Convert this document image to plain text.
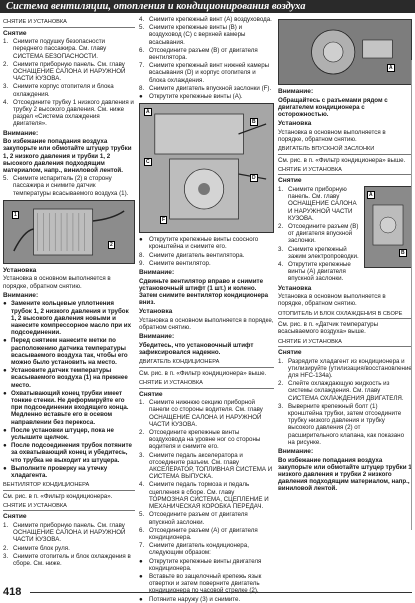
Система вентиляции, отопления и кондиционирования воздуха
СНЯТИЕ И УСТАНОВКА
Снятие
1. Снимите подушку безопасности переднего пассажира. См. главу СИСТЕМА БЕЗОПАСНОСТИ.
2. Снимите приборную панель. См. главу ОСНАЩЕНИЕ САЛОНА И НАРУЖНОЙ ЧАСТИ КУЗОВА.
3. Снимите корпус отопителя и блока охлаждения.
4. Отсоедините трубку 1 низкого давления и трубку 2 высокого давления. См. ниже раздел «Система охлаждения двигателя».
Внимание:
Во избежание попадания воздуха закупорьте или обмотайте штуцер трубки 1, 2 низкого давления и трубки 1, 2 высокого давления подходящим материалом, напр., виниловой лентой.
5. Снимите испаритель (2) в сторону пассажира и снимите датчик температуры всасываемого воздуха (1).
1
2
Установка
Установка в основном выполняется в порядке, обратном снятию.
Внимание:
● Замените кольцевые уплотнения трубок 1, 2 низкого давления и трубок 1, 2 высокого давления новыми и нанесите компрессорное масло при их подсоединении.
● Перед снятием нанесите метки по расположению датчика температуры всасываемого воздуха так, чтобы его можно было установить на место.
● Установите датчик температуры всасываемого воздуха (1) на прежнее место.
● Охватывающий конец трубки имеет тонкие стенки. Не деформируйте его при подсоединении входящего конца. Медленно вставьте его в осевом направлении без перекоса.
● После установки штуцер, пока не услышите щелчок.
● После подсоединения трубок потяните за охватывающий конец и убедитесь, что трубка не выходит из штуцера.
● Выполните проверку на утечку хладагента.
ВЕНТИЛЯТОР КОНДИЦИОНЕРА
См. рис. в п. «Фильтр кондиционера».
СНЯТИЕ И УСТАНОВКА
Снятие
1. Снимите приборную панель. См. главу ОСНАЩЕНИЕ САЛОНА И НАРУЖНОЙ ЧАСТИ КУЗОВА.
2. Снимите блок руля.
3. Снимите отопитель и блок охлаждения в сборе. См. ниже.
4. Снимите крепежный винт (А) воздуховода.
5. Снимите крепежные винты (В) и воздуховод (С) с верхней камеры всасывания.
6. Отсоедините разъем (В) от двигателя вентилятора.
7. Снимите крепежный винт нижней камеры всасывания (D) и корпус отопителя и блока охлаждения.
8. Снимите двигатель впускной заслонки (F).
●	Открутите крепежные винты (А).
A
B
C
D
F
●	Открутите крепежные винты соосного кронштейна и снимите его.
8. Снимите двигатель вентилятора.
9. Снимите вентилятор.
Внимание:
Сдвиньте вентилятор вправо и снимите установочный штифт (1 шт.) и колено. Затем снимите вентилятор кондиционера вниз.
Установка
Установка в основном выполняется в порядке, обратном снятию.
Внимание:
Убедитесь, что установочный штифт зафиксировался надежно.
ДВИГАТЕЛЬ КОНДИЦИОНЕРА
См. рис. в п. «Фильтр кондиционера» выше.
СНЯТИЕ И УСТАНОВКА
Снятие
1. Снимите нижнюю секцию приборной панели со стороны водителя. См. главу ОСНАЩЕНИЕ САЛОНА И НАРУЖНОЙ ЧАСТИ КУЗОВА.
2. Отсоедините крепежные винты воздуховода на уровне ног со стороны водителя и снимите его.
3. Снимите педаль акселератора и отсоедините разъем. См. главу АКСЕЛЕРАТОР, ТОПЛИВНАЯ СИСТЕМА И СИСТЕМА ВЫПУСКА.
4. Снимите педаль тормоза и педаль сцепления в сборе. См. главу ТОРМОЗНАЯ СИСТЕМА, СЦЕПЛЕНИЕ И МЕХАНИЧЕСКАЯ КОРОБКА ПЕРЕДАЧ.
5. Отсоедините разъем от двигателя впускной заслонки.
6. Отсоедините разъем (А) от двигателя кондиционера.
7. Снимите двигатель кондиционера, следующим образом:
●	Открутите крепежные винты двигателя кондиционера.
●	Вставьте во защелочный крепежь язык отвертки и затем поверните двигатель кондиционера по часовой стрелке (2).
●	Потяните наружу (3) и снимите.
A
Внимание:
Обращайтесь с разъемами рядом с двигателем кондиционера с осторожностью.
Установка
Установка в основном выполняется в порядке, обратном снятию.
ДВИГАТЕЛЬ ВПУСКНОЙ ЗАСЛОНКИ
См. рис. в п. «Фильтр кондиционера» выше.
СНЯТИЕ И УСТАНОВКА
Снятие
1. Снимите приборную панель. См. главу ОСНАЩЕНИЕ САЛОНА И НАРУЖНОЙ ЧАСТИ КУЗОВА.
2. Отсоедините разъем (В) от двигателя впускной заслонки.
3. Снимите крепежный зажим электропроводки.
4. Открутите крепежные винты (А) двигателя впускной заслонки.
A
B
Установка
Установка в основном выполняется в порядке, обратном снятию.
ОТОПИТЕЛЬ И БЛОК ОХЛАЖДЕНИЯ В СБОРЕ
См. рис. в п. «Датчик температуры всасываемого воздуха» выше.
СНЯТИЕ И УСТАНОВКА
Снятие
1. Разрядите хладагент из кондиционера и утилизируйте (утилизация/восстановление для HFC-134a).
2. Слейте охлаждающую жидкость из системы охлаждения. См. главу СИСТЕМА ОХЛАЖДЕНИЯ ДВИГАТЕЛЯ.
3. Выверните крепежный болт (1) кронштейна трубки, затем отсоедините трубку низкого давления и трубку высокого давления (2) от расширительного клапана, как показано на рисунке.
Внимание:
Во избежание попадания воздуха закупорьте или обмотайте штуцер трубки 1 низкого давления и трубки 2 низкого давления подходящим материалом, напр., виниловой лентой.
418
